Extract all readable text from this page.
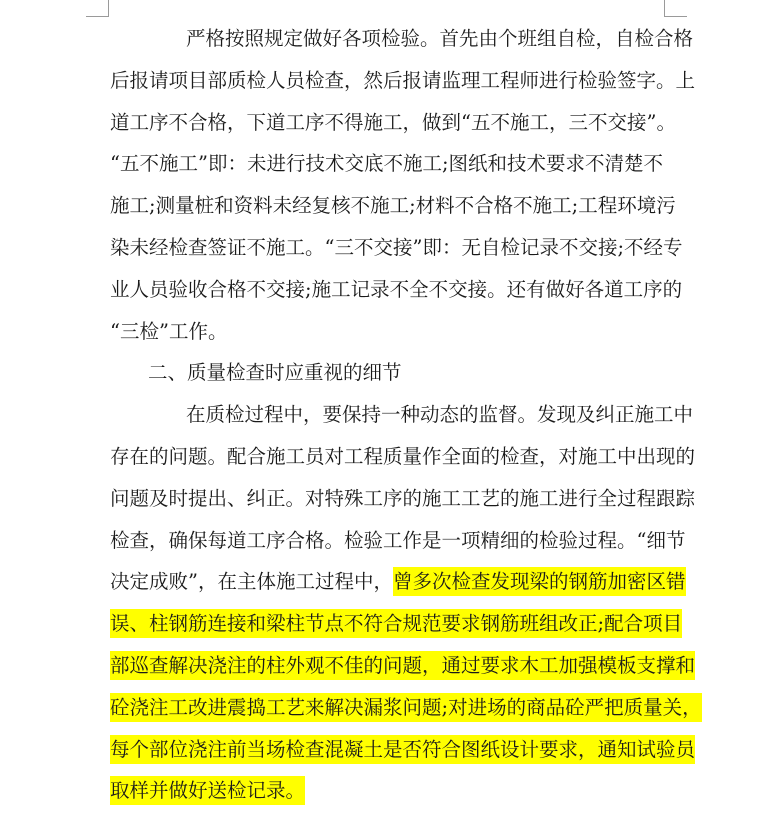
严格按照规定做好各项检验。首先由个班组自检，自检合格
后报请项目部质检人员检查，然后报请监理工程师进行检验签字。上
道工序不合格，下道工序不得施工，做到“五不施工，三不交接”。
“五不施工”即：未进行技术交底不施工;图纸和技术要求不清楚不
施工;测量桩和资料未经复核不施工;材料不合格不施工;工程环境污
染未经检查签证不施工。“三不交接”即：无自检记录不交接;不经专
业人员验收合格不交接;施工记录不全不交接。还有做好各道工序的
“三检”工作。
二、质量检查时应重视的细节
在质检过程中，要保持一种动态的监督。发现及纠正施工中
存在的问题。配合施工员对工程质量作全面的检查，对施工中出现的
问题及时提出、纠正。对特殊工序的施工工艺的施工进行全过程跟踪
检查，确保每道工序合格。检验工作是一项精细的检验过程。“细节
决定成败”，在主体施工过程中，曾多次检查发现梁的钢筋加密区错
误、柱钢筋连接和梁柱节点不符合规范要求钢筋班组改正;配合项目
部巡查解决浇注的柱外观不佳的问题，通过要求木工加强模板支撑和
砼浇注工改进震捣工艺来解决漏浆问题;对进场的商品砼严把质量关，
每个部位浇注前当场检查混凝土是否符合图纸设计要求，通知试验员
取样并做好送检记录。
